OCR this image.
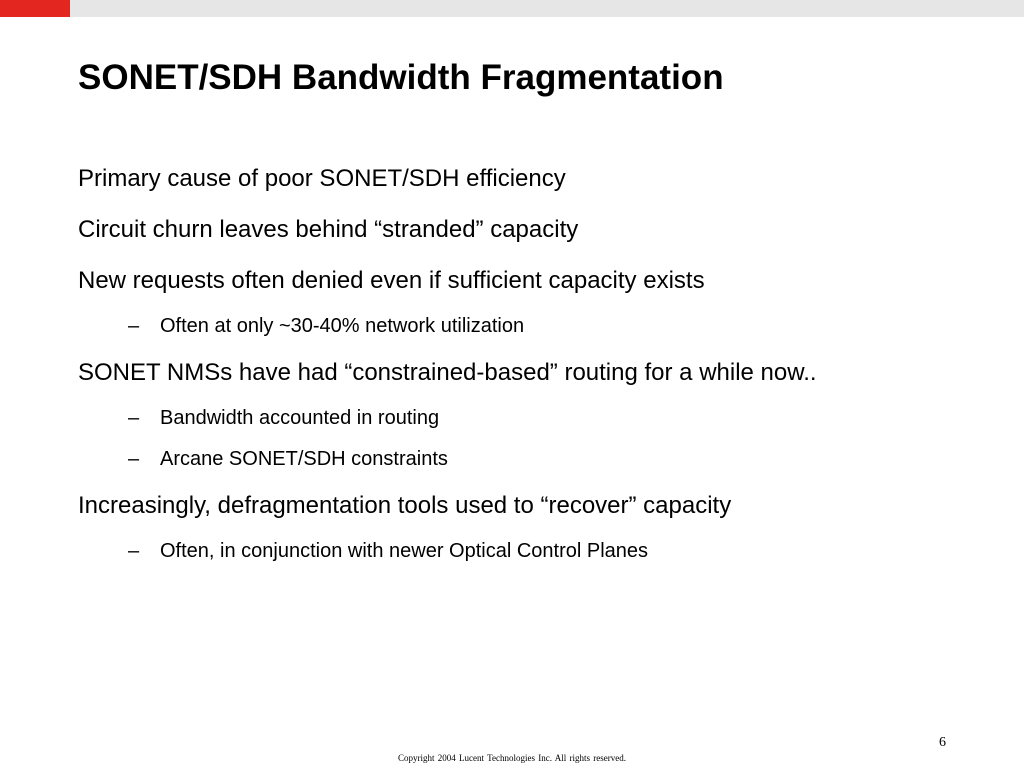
SONET/SDH Bandwidth Fragmentation
Primary cause of poor SONET/SDH efficiency
Circuit churn leaves behind “stranded” capacity
New requests often denied even if sufficient capacity exists
– Often at only ~30-40% network utilization
SONET NMSs have had “constrained-based” routing for a while now..
– Bandwidth accounted in routing
– Arcane SONET/SDH constraints
Increasingly, defragmentation tools used to “recover” capacity
– Often, in conjunction with newer Optical Control Planes
6
Copyright 2004 Lucent Technologies Inc. All rights reserved.
